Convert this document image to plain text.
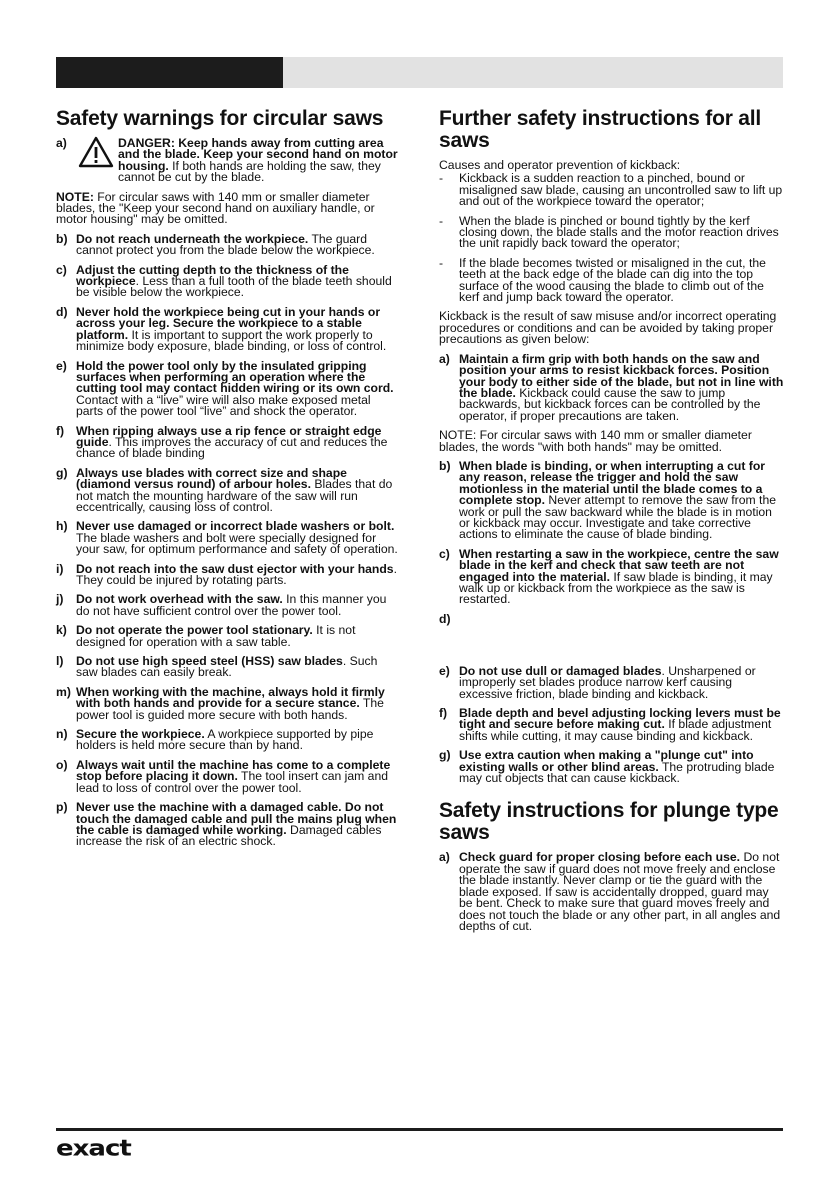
Safety warnings for circular saws
a)	DANGER: Keep hands away from cutting area and the blade. Keep your second hand on motor housing. If both hands are holding the saw, they cannot be cut by the blade.
NOTE: For circular saws with 140 mm or smaller diameter blades, the "Keep your second hand on auxiliary handle, or motor housing" may be omitted.
b) Do not reach underneath the workpiece. The guard cannot protect you from the blade below the workpiece.
c) Adjust the cutting depth to the thickness of the workpiece. Less than a full tooth of the blade teeth should be visible below the workpiece.
d) Never hold the workpiece being cut in your hands or across your leg. Secure the workpiece to a stable platform. It is important to support the work properly to minimize body exposure, blade binding, or loss of control.
e) Hold the power tool only by the insulated gripping surfaces when performing an operation where the cutting tool may contact hidden wiring or its own cord. Contact with a “live” wire will also make exposed metal parts of the power tool “live” and shock the operator.
f) When ripping always use a rip fence or straight edge guide. This improves the accuracy of cut and reduces the chance of blade binding
g) Always use blades with correct size and shape (diamond versus round) of arbour holes. Blades that do not match the mounting hardware of the saw will run eccentrically, causing loss of control.
h) Never use damaged or incorrect blade washers or bolt. The blade washers and bolt were specially designed for your saw, for optimum performance and safety of operation.
i) Do not reach into the saw dust ejector with your hands. They could be injured by rotating parts.
j) Do not work overhead with the saw. In this manner you do not have sufficient control over the power tool.
k) Do not operate the power tool stationary. It is not designed for operation with a saw table.
l) Do not use high speed steel (HSS) saw blades. Such saw blades can easily break.
m) When working with the machine, always hold it firmly with both hands and provide for a secure stance. The power tool is guided more secure with both hands.
n) Secure the workpiece. A workpiece supported by pipe holders is held more secure than by hand.
o) Always wait until the machine has come to a complete stop before placing it down. The tool insert can jam and lead to loss of control over the power tool.
p) Never use the machine with a damaged cable. Do not touch the damaged cable and pull the mains plug when the cable is damaged while working. Damaged cables increase the risk of an electric shock.
Further safety instructions for all saws
Causes and operator prevention of kickback:
- Kickback is a sudden reaction to a pinched, bound or misaligned saw blade, causing an uncontrolled saw to lift up and out of the workpiece toward the operator;
- When the blade is pinched or bound tightly by the kerf closing down, the blade stalls and the motor reaction drives the unit rapidly back toward the operator;
- If the blade becomes twisted or misaligned in the cut, the teeth at the back edge of the blade can dig into the top surface of the wood causing the blade to climb out of the kerf and jump back toward the operator.
Kickback is the result of saw misuse and/or incorrect operating procedures or conditions and can be avoided by taking proper precautions as given below:
a) Maintain a firm grip with both hands on the saw and position your arms to resist kickback forces. Position your body to either side of the blade, but not in line with the blade. Kickback could cause the saw to jump backwards, but kickback forces can be controlled by the operator, if proper precautions are taken.
NOTE: For circular saws with 140 mm or smaller diameter blades, the words "with both hands" may be omitted.
b) When blade is binding, or when interrupting a cut for any reason, release the trigger and hold the saw motionless in the material until the blade comes to a complete stop. Never attempt to remove the saw from the work or pull the saw backward while the blade is in motion or kickback may occur. Investigate and take corrective actions to eliminate the cause of blade binding.
c) When restarting a saw in the workpiece, centre the saw blade in the kerf and check that saw teeth are not engaged into the material. If saw blade is binding, it may walk up or kickback from the workpiece as the saw is restarted.
d)
e) Do not use dull or damaged blades. Unsharpened or improperly set blades produce narrow kerf causing excessive friction, blade binding and kickback.
f) Blade depth and bevel adjusting locking levers must be tight and secure before making cut. If blade adjustment shifts while cutting, it may cause binding and kickback.
g) Use extra caution when making a "plunge cut" into existing walls or other blind areas. The protruding blade may cut objects that can cause kickback.
Safety instructions for plunge type saws
a) Check guard for proper closing before each use. Do not operate the saw if guard does not move freely and enclose the blade instantly. Never clamp or tie the guard with the blade exposed. If saw is accidentally dropped, guard may be bent. Check to make sure that guard moves freely and does not touch the blade or any other part, in all angles and depths of cut.
exact
